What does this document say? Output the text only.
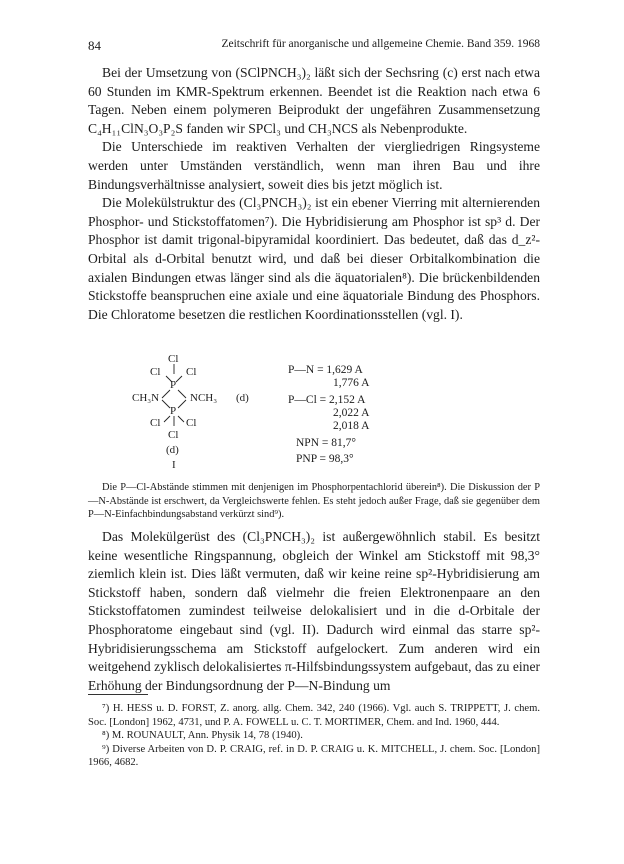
84	Zeitschrift für anorganische und allgemeine Chemie. Band 359. 1968

Bei der Umsetzung von (SClPNCH₃)₂ läßt sich der Sechsring (c) erst nach etwa 60 Stunden im KMR-Spektrum erkennen. Beendet ist die Reaktion nach etwa 6 Tagen. Neben einem polymeren Beiprodukt der ungefähren Zusammensetzung C₄H₁₁ClN₃O₃P₂S fanden wir SPCl₃ und CH₃NCS als Nebenprodukte.

Die Unterschiede im reaktiven Verhalten der viergliedrigen Ringsysteme werden unter Umständen verständlich, wenn man ihren Bau und ihre Bindungsverhältnisse analysiert, soweit dies bis jetzt möglich ist.

Die Molekülstruktur des (Cl₃PNCH₃)₂ ist ein ebener Vierring mit alternierenden Phosphor- und Stickstoffatomen⁷). Die Hybridisierung am Phosphor ist sp³ d. Der Phosphor ist damit trigonal-bipyramidal koordiniert. Das bedeutet, daß das d_z²-Orbital als d-Orbital benutzt wird, und daß bei dieser Orbitalkombination die axialen Bindungen etwas länger sind als die äquatorialen⁸). Die brückenbildenden Stickstoffe beanspruchen eine axiale und eine äquatoriale Bindung des Phosphors. Die Chloratome besetzen die restlichen Koordinationsstellen (vgl. I).

Cl
Cl Cl
P
CH₃N	NCH₃ (d)
P
Cl Cl
Cl
(d)
I
P—N = 1,629 A
1,776 A
P—Cl = 2,152 A
2,022 A
2,018 A
NPN = 81,7°
PNP = 98,3°

Die P—Cl-Abstände stimmen mit denjenigen im Phosphorpentachlorid überein⁸). Die Diskussion der P—N-Abstände ist erschwert, da Vergleichswerte fehlen. Es steht jedoch außer Frage, daß sie gegenüber dem P—N-Einfachbindungsabstand verkürzt sind⁹).

Das Molekülgerüst des (Cl₃PNCH₃)₂ ist außergewöhnlich stabil. Es besitzt keine wesentliche Ringspannung, obgleich der Winkel am Stickstoff mit 98,3° ziemlich klein ist. Dies läßt vermuten, daß wir keine reine sp²-Hybridisierung am Stickstoff haben, sondern daß vielmehr die freien Elektronenpaare an den Stickstoffatomen zumindest teilweise delokalisiert und in die d-Orbitale der Phosphoratome eingebaut sind (vgl. II). Dadurch wird einmal das starre sp²-Hybridisierungsschema am Stickstoff aufgelockert. Zum anderen wird ein weitgehend zyklisch delokalisiertes π-Hilfsbindungssystem aufgebaut, das zu einer Erhöhung der Bindungsordnung der P—N-Bindung um

⁷) H. HESS u. D. FORST, Z. anorg. allg. Chem. 342, 240 (1966). Vgl. auch S. TRIPPETT, J. chem. Soc. [London] 1962, 4731, und P. A. FOWELL u. C. T. MORTIMER, Chem. and Ind. 1960, 444.

⁸) M. ROUNAULT, Ann. Physik 14, 78 (1940).

⁹) Diverse Arbeiten von D. P. CRAIG, ref. in D. P. CRAIG u. K. MITCHELL, J. chem. Soc. [London] 1966, 4682.
